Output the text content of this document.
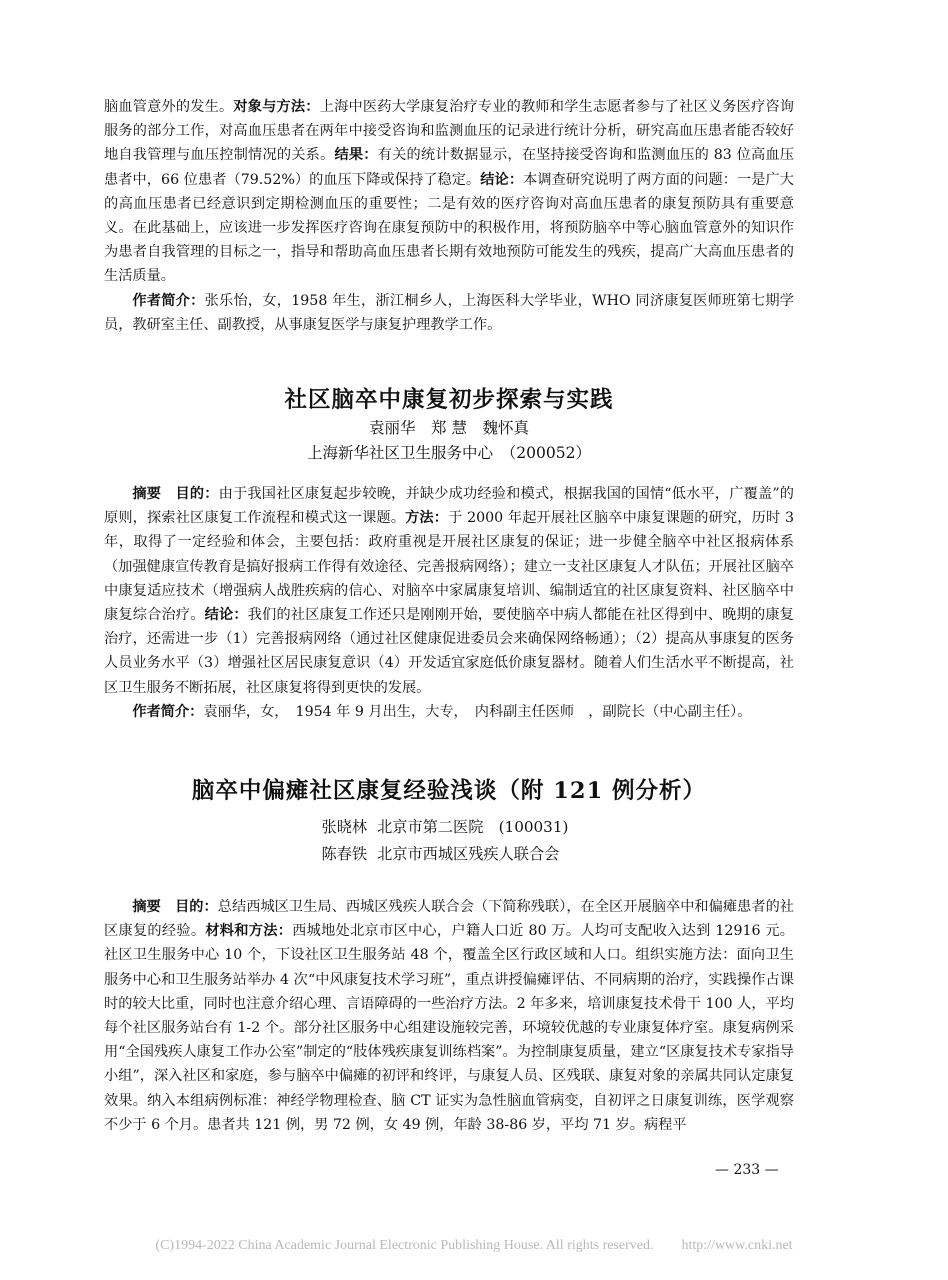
脑血管意外的发生。对象与方法：上海中医药大学康复治疗专业的教师和学生志愿者参与了社区义务医疗咨询服务的部分工作，对高血压患者在两年中接受咨询和监测血压的记录进行统计分析，研究高血压患者能否较好地自我管理与血压控制情况的关系。结果：有关的统计数据显示，在坚持接受咨询和监测血压的 83 位高血压患者中，66 位患者（79.52%）的血压下降或保持了稳定。结论：本调查研究说明了两方面的问题：一是广大的高血压患者已经意识到定期检测血压的重要性；二是有效的医疗咨询对高血压患者的康复预防具有重要意义。在此基础上，应该进一步发挥医疗咨询在康复预防中的积极作用，将预防脑卒中等心脑血管意外的知识作为患者自我管理的目标之一，指导和帮助高血压患者长期有效地预防可能发生的残疾，提高广大高血压患者的生活质量。

作者简介：张乐怡，女，1958 年生，浙江桐乡人，上海医科大学毕业，WHO 同济康复医师班第七期学员，教研室主任、副教授，从事康复医学与康复护理教学工作。

社区脑卒中康复初步探索与实践
袁丽华　郑 慧　魏怀真
上海新华社区卫生服务中心　（200052）

摘要　目的：由于我国社区康复起步较晚，并缺少成功经验和模式，根据我国的国情“低水平，广覆盖”的原则，探索社区康复工作流程和模式这一课题。方法：于 2000 年起开展社区脑卒中康复课题的研究，历时 3 年，取得了一定经验和体会，主要包括：政府重视是开展社区康复的保证；进一步健全脑卒中社区报病体系（加强健康宣传教育是搞好报病工作得有效途径、完善报病网络）；建立一支社区康复人才队伍；开展社区脑卒中康复适应技术（增强病人战胜疾病的信心、对脑卒中家属康复培训、编制适宜的社区康复资料、社区脑卒中康复综合治疗。结论：我们的社区康复工作还只是刚刚开始，要使脑卒中病人都能在社区得到中、晚期的康复治疗，还需进一步（1）完善报病网络（通过社区健康促进委员会来确保网络畅通）；（2）提高从事康复的医务人员业务水平（3）增强社区居民康复意识（4）开发适宜家庭低价康复器材。随着人们生活水平不断提高，社区卫生服务不断拓展，社区康复将得到更快的发展。

作者简介：袁丽华，女，　1954 年 9 月出生，大专，　内科副主任医师　，副院长（中心副主任）。

脑卒中偏瘫社区康复经验浅谈（附 121 例分析）
张晓林	北京市第二医院　(100031)
陈春铁	北京市西城区残疾人联合会

摘要　目的：总结西城区卫生局、西城区残疾人联合会（下简称残联），在全区开展脑卒中和偏瘫患者的社区康复的经验。材料和方法：西城地处北京市区中心，户籍人口近 80 万。人均可支配收入达到 12916 元。社区卫生服务中心 10 个，下设社区卫生服务站 48 个，覆盖全区行政区域和人口。组织实施方法：面向卫生服务中心和卫生服务站举办 4 次“中风康复技术学习班”，重点讲授偏瘫评估、不同病期的治疗，实践操作占课时的较大比重，同时也注意介绍心理、言语障碍的一些治疗方法。2 年多来，培训康复技术骨干 100 人，平均每个社区服务站台有 1-2 个。部分社区服务中心组建设施较完善，环境较优越的专业康复体疗室。康复病例采用“全国残疾人康复工作办公室”制定的“肢体残疾康复训练档案”。为控制康复质量，建立“区康复技术专家指导小组”，深入社区和家庭，参与脑卒中偏瘫的初评和终评，与康复人员、区残联、康复对象的亲属共同认定康复效果。纳入本组病例标准：神经学物理检查、脑 CT 证实为急性脑血管病变，自初评之日康复训练，医学观察不少于 6 个月。患者共 121 例，男 72 例，女 49 例，年龄 38-86 岁，平均 71 岁。病程平

— 233 —
(C)1994-2022 China Academic Journal Electronic Publishing House. All rights reserved.　　http://www.cnki.net
